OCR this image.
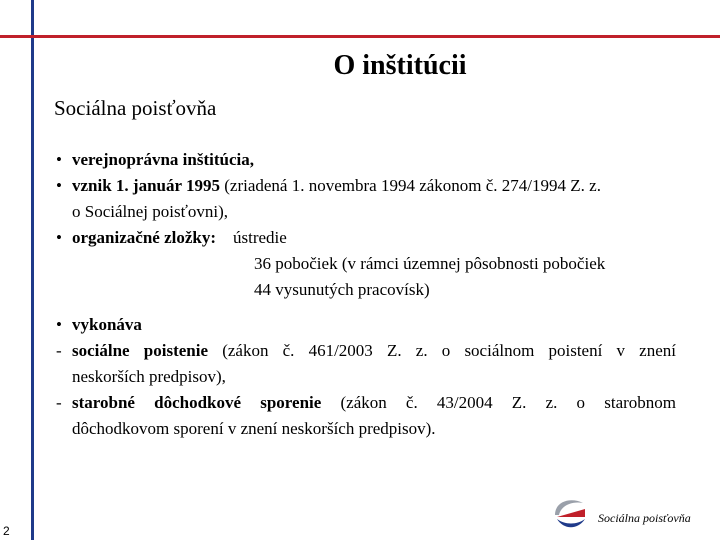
O inštitúcii
Sociálna poisťovňa
• verejnoprávna inštitúcia,
• vznik 1. január 1995 (zriadená 1. novembra 1994 zákonom č. 274/1994 Z. z.
o Sociálnej poisťovni),
• organizačné zložky: ústredie
36 pobočiek (v rámci územnej pôsobnosti pobočiek
44 vysunutých pracovísk)
• vykonáva
- sociálne poistenie (zákon č. 461/2003 Z. z. o sociálnom poistení v znení
neskorších predpisov),
- starobné dôchodkové sporenie (zákon č. 43/2004 Z. z. o starobnom
dôchodkovom sporení v znení neskorších predpisov).
2
Sociálna poisťovňa
